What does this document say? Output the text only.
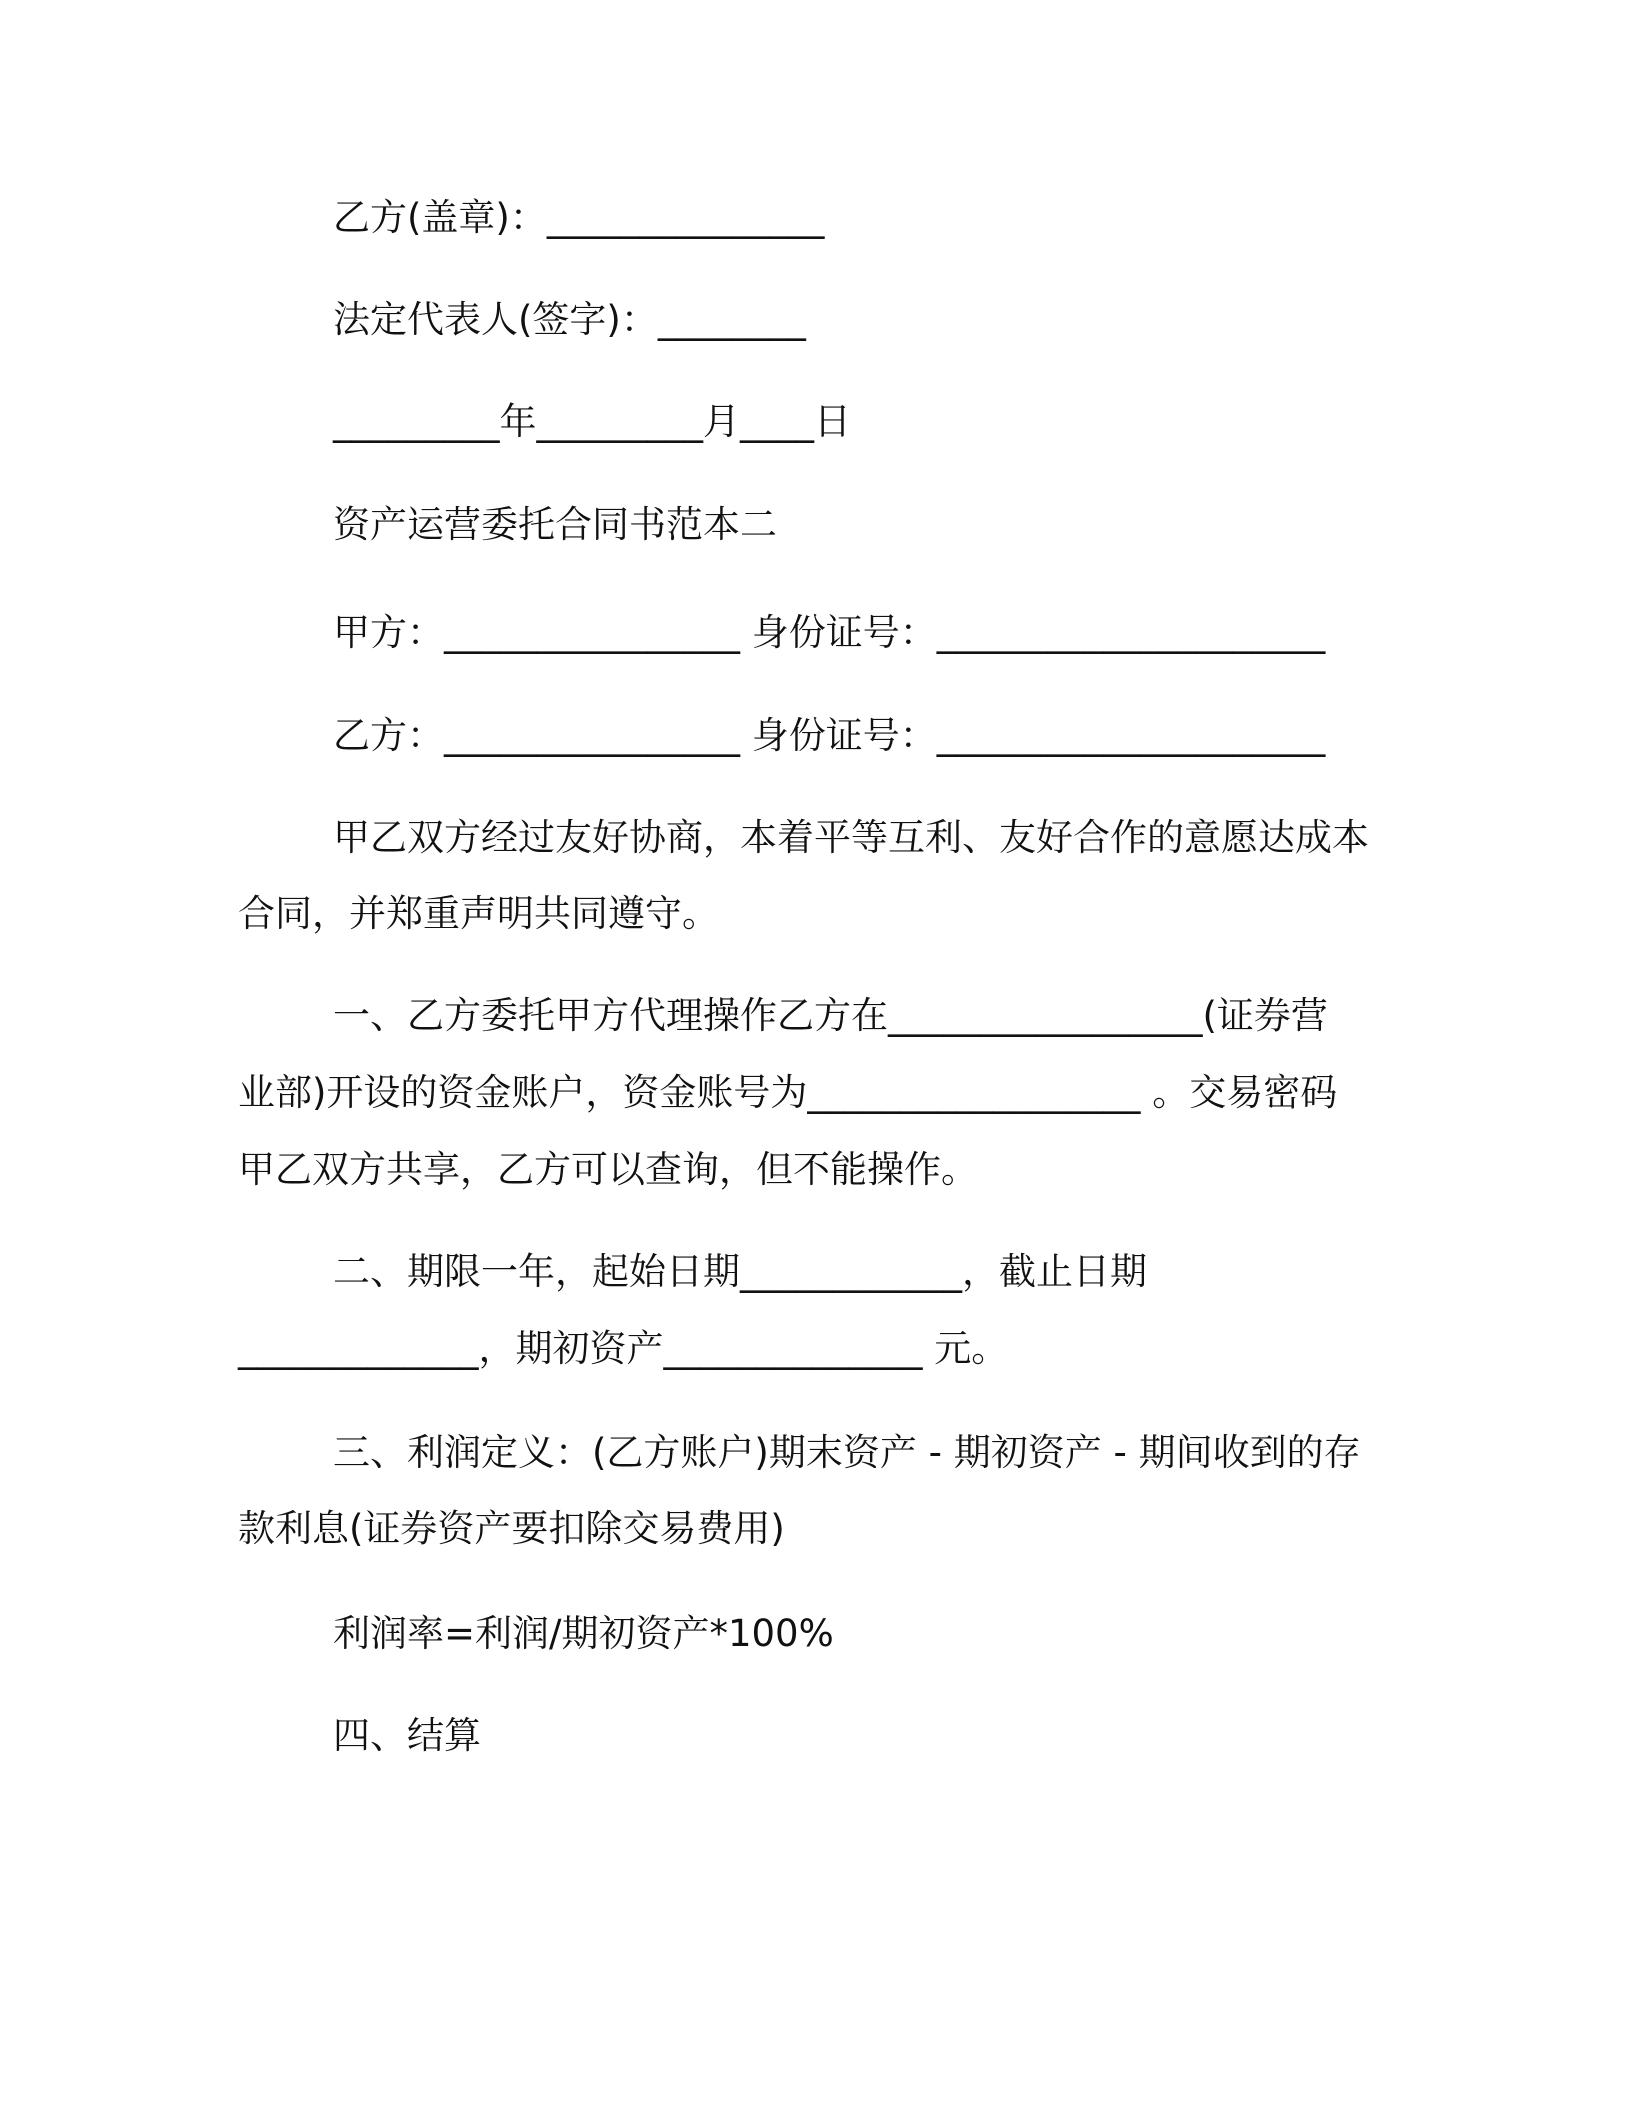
乙方(盖章)：_______________
法定代表人(签字)：________
_________年_________月____日
资产运营委托合同书范本二
甲方：________________ 身份证号：_____________________
乙方：________________ 身份证号：_____________________
甲乙双方经过友好协商，本着平等互利、友好合作的意愿达成本
合同，并郑重声明共同遵守。
一、乙方委托甲方代理操作乙方在_________________(证券营
业部)开设的资金账户，资金账号为__________________ 。交易密码
甲乙双方共享，乙方可以查询，但不能操作。
二、期限一年，起始日期____________，截止日期
_____________，期初资产______________ 元。
三、利润定义：(乙方账户)期末资产 - 期初资产 - 期间收到的存
款利息(证券资产要扣除交易费用)
利润率=利润/期初资产*100%
四、结算
